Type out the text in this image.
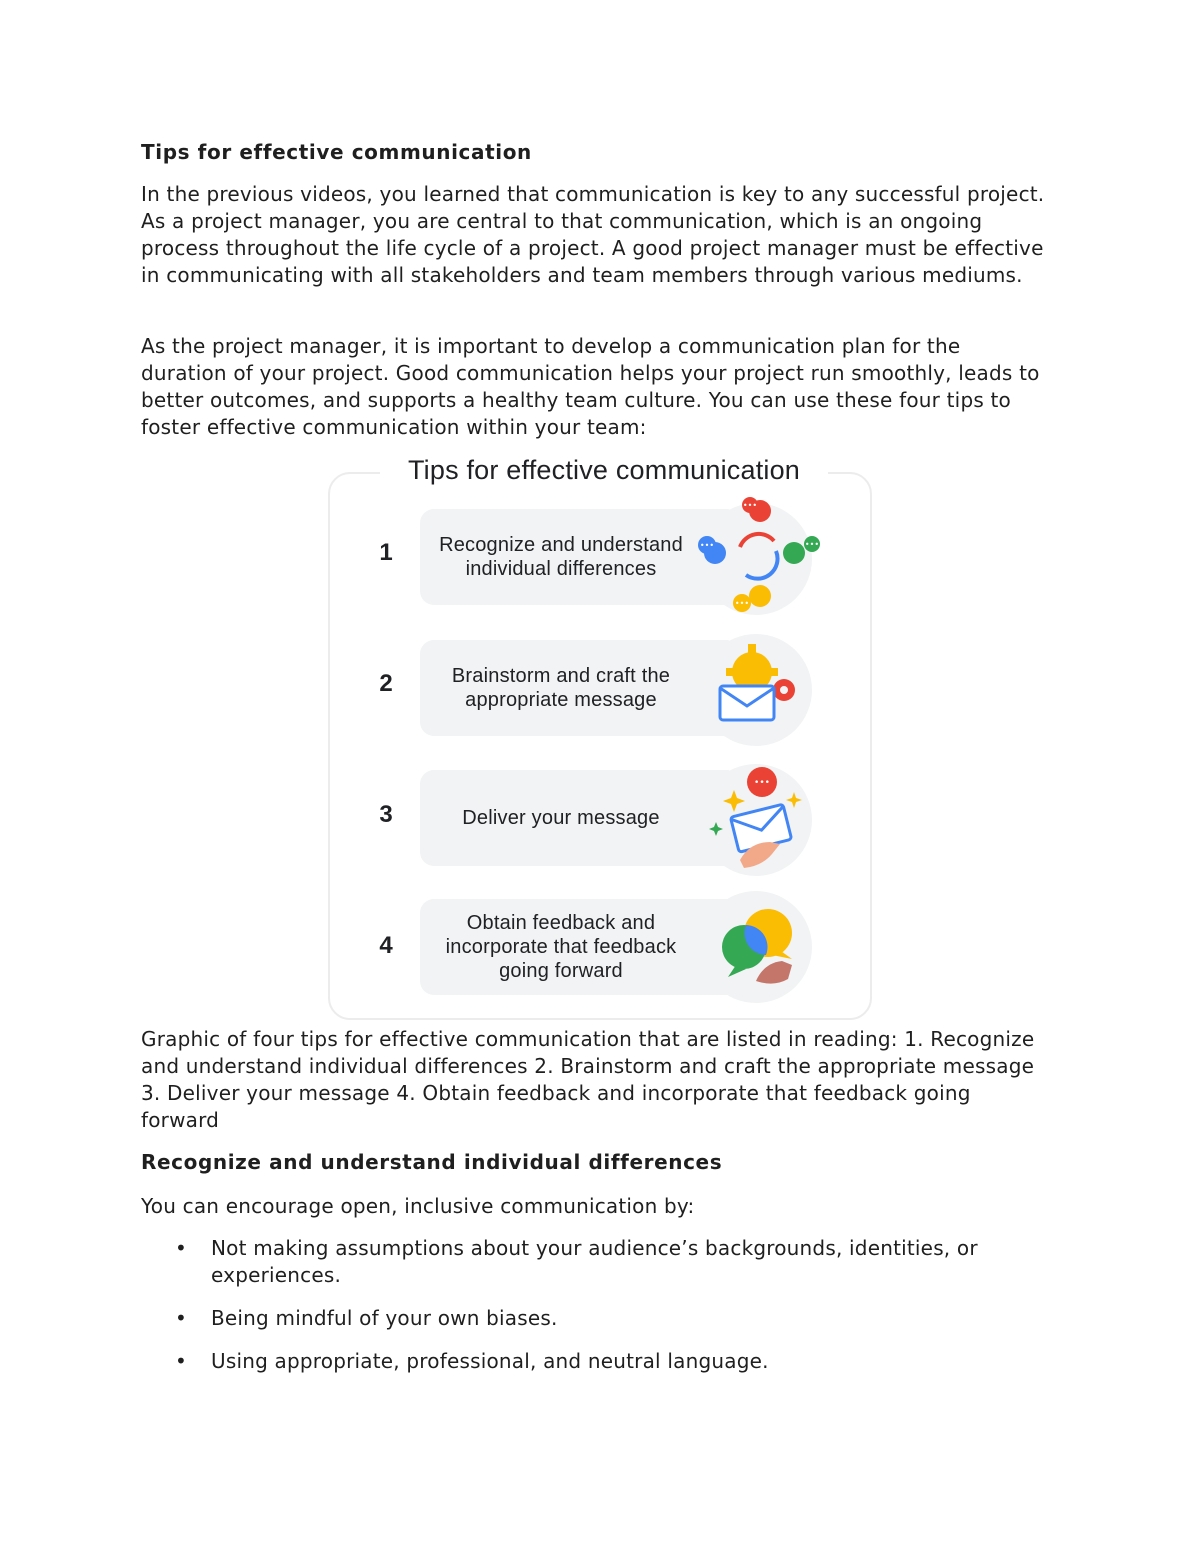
Tips for effective communication

In the previous videos, you learned that communication is key to any successful project. As a project manager, you are central to that communication, which is an ongoing process throughout the life cycle of a project. A good project manager must be effective in communicating with all stakeholders and team members through various mediums.

As the project manager, it is important to develop a communication plan for the duration of your project. Good communication helps your project run smoothly, leads to better outcomes, and supports a healthy team culture. You can use these four tips to foster effective communication within your team:

Graphic of four tips for effective communication that are listed in reading: 1. Recognize and understand individual differences 2. Brainstorm and craft the appropriate message 3. Deliver your message 4. Obtain feedback and incorporate that feedback going forward

Recognize and understand individual differences

You can encourage open, inclusive communication by:

• Not making assumptions about your audience’s backgrounds, identities, or experiences.
• Being mindful of your own biases.
• Using appropriate, professional, and neutral language.
Tips for effective communication
1	Recognize and understand individual differences
•••
•••	•••
•••
2	Brainstorm and craft the appropriate message
3	Deliver your message
•••
4
Obtain feedback and incorporate that feedback going forward
